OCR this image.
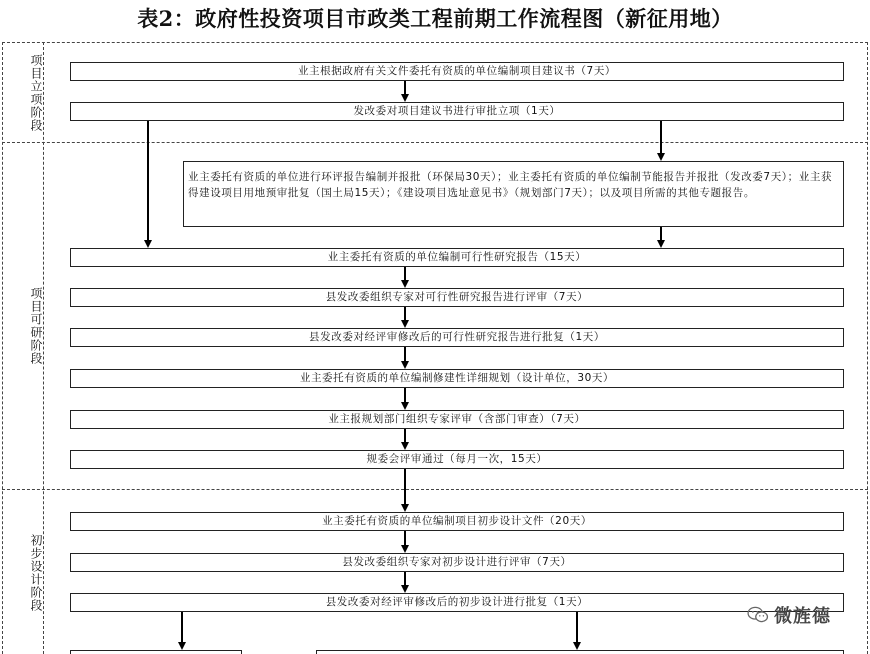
表2：政府性投资项目市政类工程前期工作流程图（新征用地）
项目立项阶段
项目可研阶段
初步设计阶段
业主根据政府有关文件委托有资质的单位编制项目建议书（7天）
发改委对项目建议书进行审批立项（1天）
业主委托有资质的单位进行环评报告编制并报批（环保局30天）；业主委托有资质的单位编制节能报告并报批（发改委7天）；业主获得建设项目用地预审批复（国土局15天）；《建设项目选址意见书》（规划部门7天）；以及项目所需的其他专题报告。
业主委托有资质的单位编制可行性研究报告（15天）
县发改委组织专家对可行性研究报告进行评审（7天）
县发改委对经评审修改后的可行性研究报告进行批复（1天）
业主委托有资质的单位编制修建性详细规划（设计单位，30天）
业主报规划部门组织专家评审（含部门审查）（7天）
规委会评审通过（每月一次，15天）
业主委托有资质的单位编制项目初步设计文件（20天）
县发改委组织专家对初步设计进行评审（7天）
县发改委对经评审修改后的初步设计进行批复（1天）
微旌德
